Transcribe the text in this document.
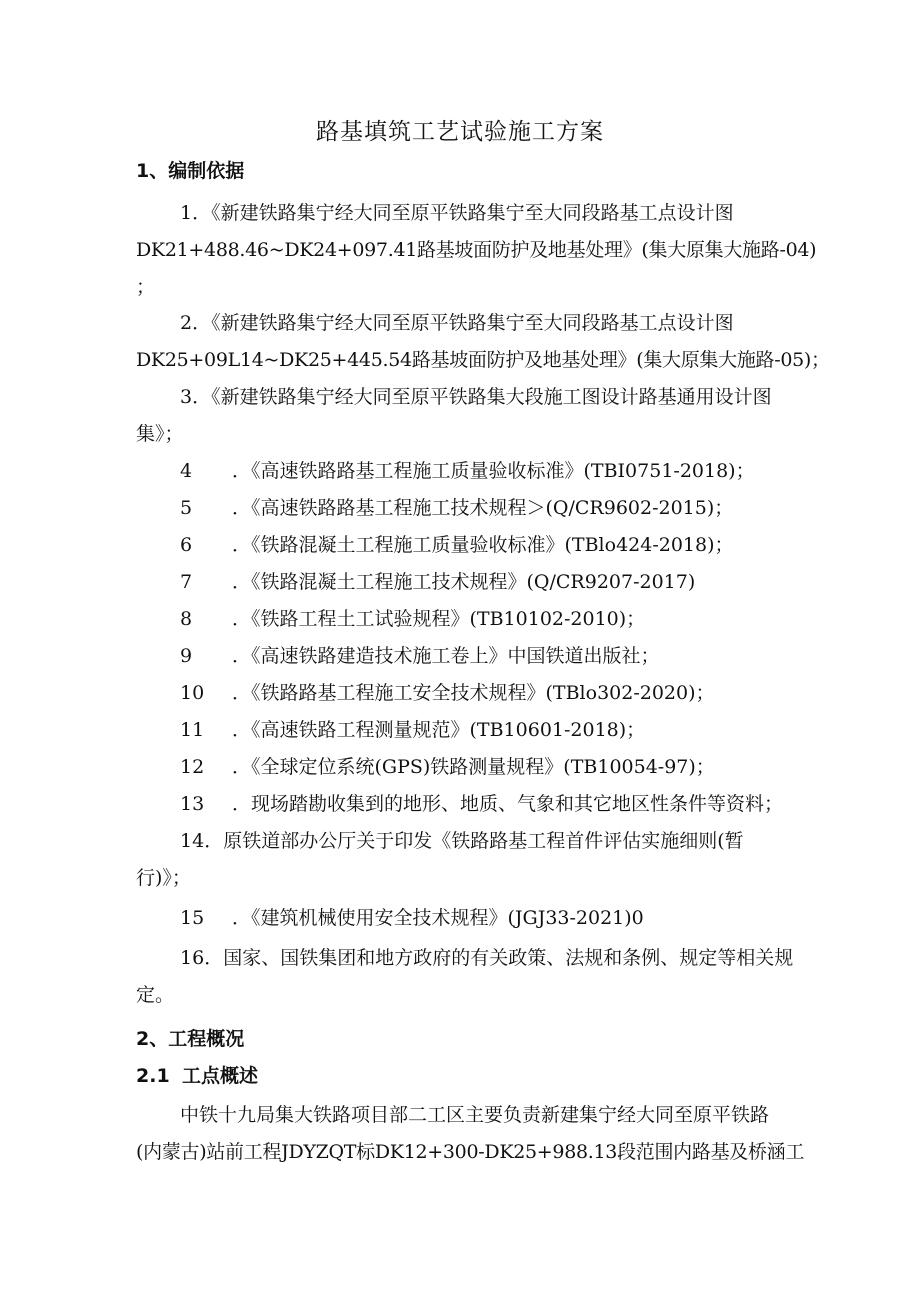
路基填筑工艺试验施工方案
1、编制依据
1．《新建铁路集宁经大同至原平铁路集宁至大同段路基工点设计图
DK21+488.46~DK24+097.41路基坡面防护及地基处理》(集大原集大施路-04)
；
2．《新建铁路集宁经大同至原平铁路集宁至大同段路基工点设计图
DK25+09L14~DK25+445.54路基坡面防护及地基处理》(集大原集大施路-05)；
3．《新建铁路集宁经大同至原平铁路集大段施工图设计路基通用设计图
集》；
4 ．《高速铁路路基工程施工质量验收标准》(TBI0751-2018)；
5 ．《高速铁路路基工程施工技术规程＞(Q/CR9602-2015)；
6 ．《铁路混凝土工程施工质量验收标准》(TBlo424-2018)；
7 ．《铁路混凝土工程施工技术规程》(Q/CR9207-2017)
8 ．《铁路工程土工试验规程》(TB10102-2010)；
9 ．《高速铁路建造技术施工卷上》中国铁道出版社；
10 ．《铁路路基工程施工安全技术规程》(TBlo302-2020)；
11 ．《高速铁路工程测量规范》(TB10601-2018)；
12 ．《全球定位系统(GPS)铁路测量规程》(TB10054-97)；
13 ．现场踏勘收集到的地形、地质、气象和其它地区性条件等资料；
14．原铁道部办公厅关于印发《铁路路基工程首件评估实施细则(暂
行)》；
15 ．《建筑机械使用安全技术规程》(JGJ33-2021)0
16．国家、国铁集团和地方政府的有关政策、法规和条例、规定等相关规
定。
2、工程概况
2.1 工点概述
中铁十九局集大铁路项目部二工区主要负责新建集宁经大同至原平铁路
(内蒙古)站前工程JDYZQT标DK12+300-DK25+988.13段范围内路基及桥涵工
